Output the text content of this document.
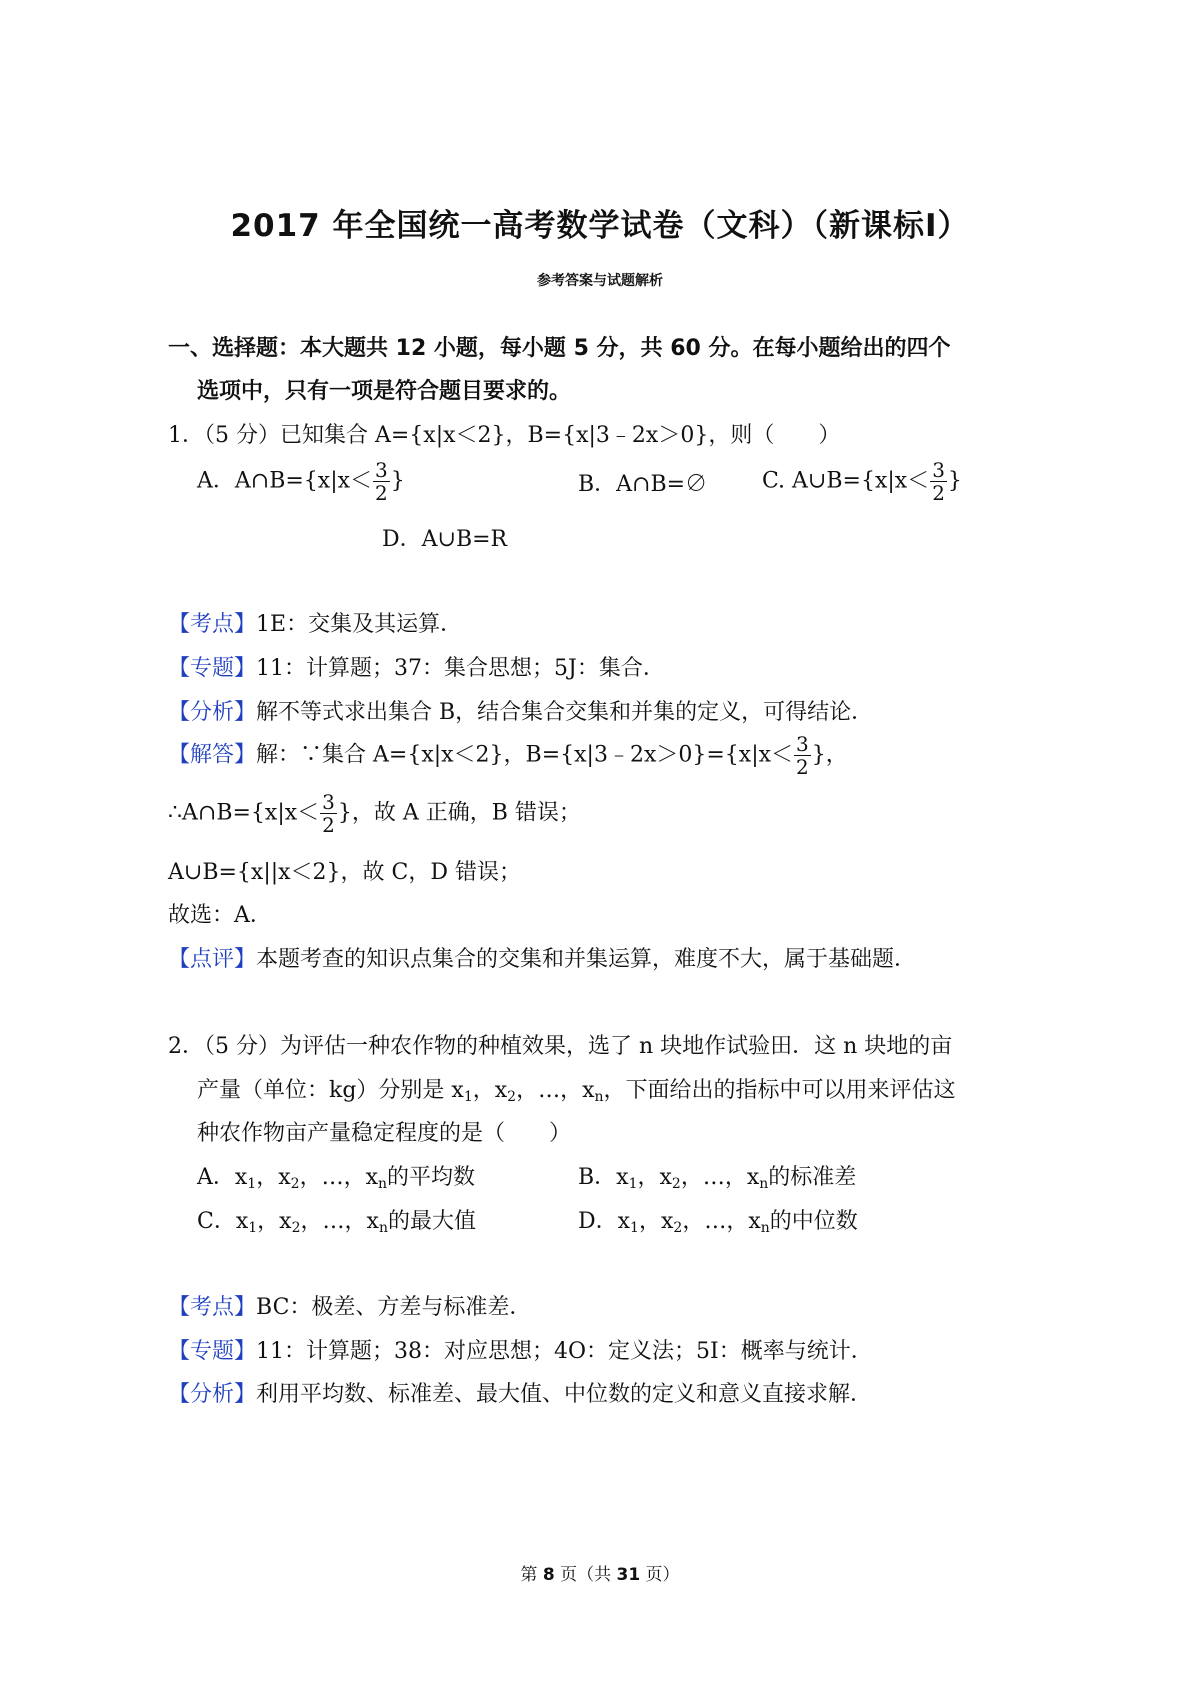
2017 年全国统一高考数学试卷（文科）（新课标Ⅰ）
参考答案与试题解析
一、选择题：本大题共 12 小题，每小题 5 分，共 60 分。在每小题给出的四个
选项中，只有一项是符合题目要求的。
1．（5 分）已知集合 A={x|x＜2}，B={x|3﹣2x＞0}，则（　　）
A．A∩B={x|x＜ $\frac{3}{2}$ }	B．A∩B=∅ C. A∪B={x|x＜ $\frac{3}{2}$ }
D．A∪B=R
【考点】1E：交集及其运算．
【专题】11：计算题；37：集合思想；5J：集合．
【分析】解不等式求出集合 B，结合集合交集和并集的定义，可得结论．
【解答】解：∵集合 A={x|x＜2}，B={x|3﹣2x＞0}={x|x＜ $\frac{3}{2}$ }，
∴A∩B={x|x＜ $\frac{3}{2}$ }，故 A 正确，B 错误；
A∪B={x||x＜2}，故 C，D 错误；
故选：A．
【点评】本题考查的知识点集合的交集和并集运算，难度不大，属于基础题．
2．（5 分）为评估一种农作物的种植效果，选了 n 块地作试验田．这 n 块地的亩
产量（单位：kg）分别是 $x_1$，$x_2$，…，$x_n$，下面给出的指标中可以用来评估这
种农作物亩产量稳定程度的是（　　）
A．$x_1$，$x_2$，…，$x_n$的平均数	B．$x_1$，$x_2$，…，$x_n$的标准差
C．$x_1$，$x_2$，…，$x_n$的最大值	D．$x_1$，$x_2$，…，$x_n$的中位数
【考点】BC：极差、方差与标准差．
【专题】11：计算题；38：对应思想；4O：定义法；5I：概率与统计．
【分析】利用平均数、标准差、最大值、中位数的定义和意义直接求解．
第 8 页（共 31 页）
